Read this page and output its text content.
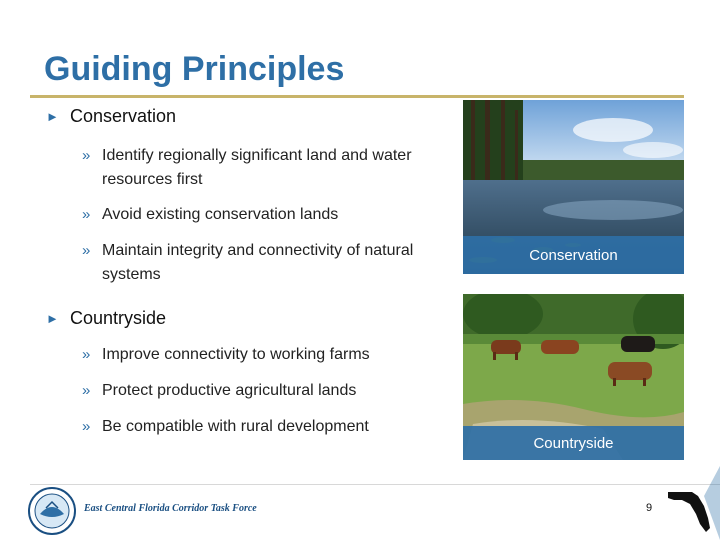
Guiding Principles
► Conservation
» Identify regionally significant land and water resources first
» Avoid existing conservation lands
» Maintain integrity and connectivity of natural systems
► Countryside
» Improve connectivity to working farms
» Protect productive agricultural lands
» Be compatible with rural development
Conservation
Countryside
East Central Florida Corridor Task Force	9
